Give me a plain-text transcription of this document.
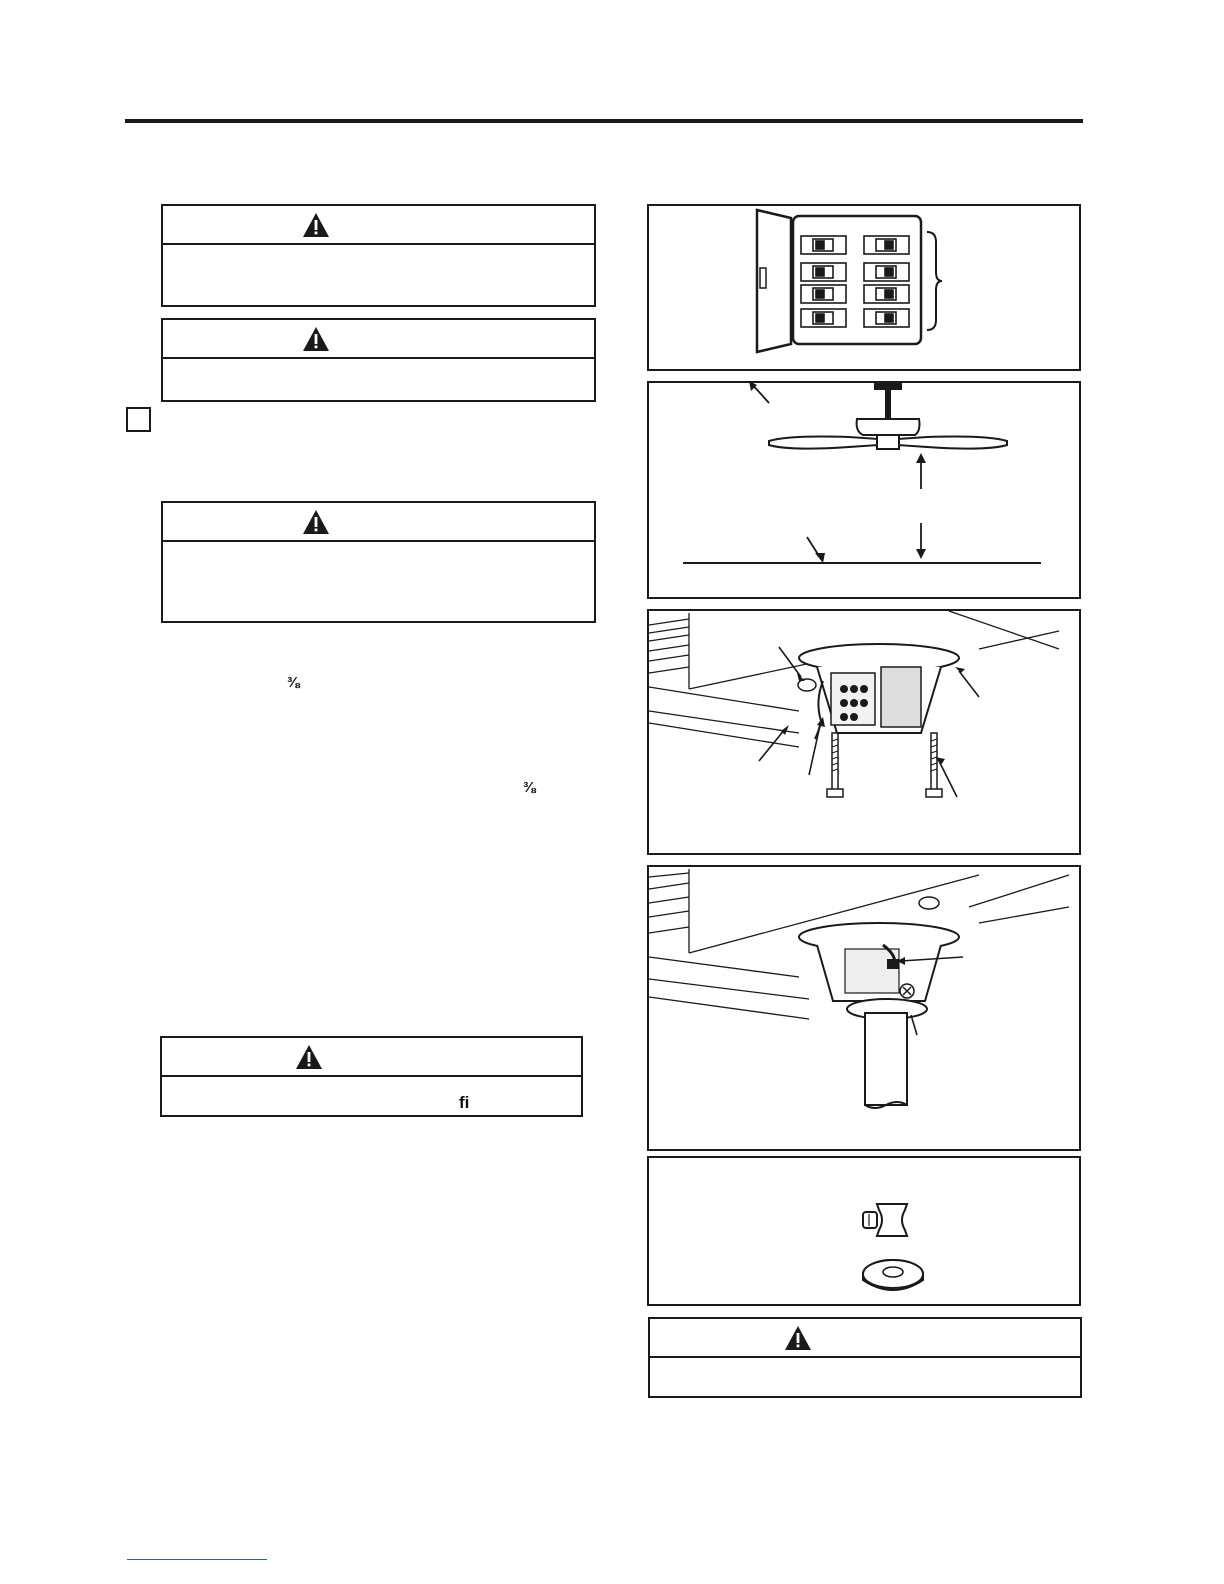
⅜
⅜
fi
